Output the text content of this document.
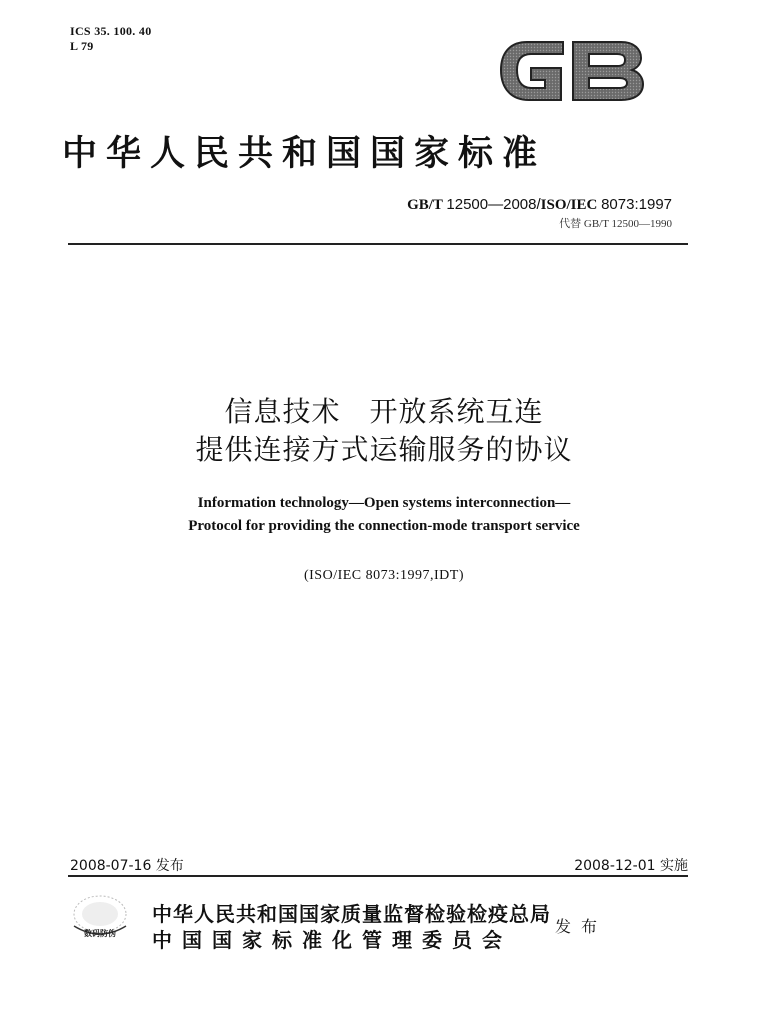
ICS 35. 100. 40
L 79
中华人民共和国国家标准
GB/T 12500—2008/ISO/IEC 8073:1997
代替 GB/T 12500—1990
信息技术　开放系统互连
提供连接方式运输服务的协议
Information technology—Open systems interconnection—
Protocol for providing the connection-mode transport service
(ISO/IEC 8073:1997,IDT)
2008-07-16 发布	2008-12-01 实施
数码防伪
中华人民共和国国家质量监督检验检疫总局
中国国家标准化管理委员会
发布
